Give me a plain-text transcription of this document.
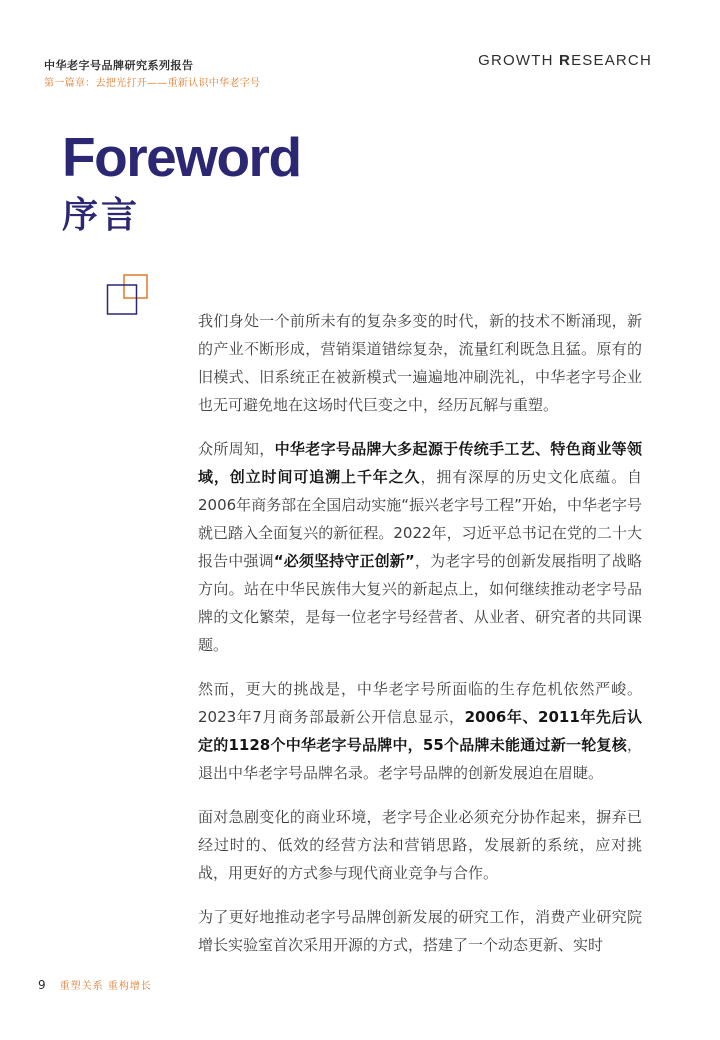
中华老字号品牌研究系列报告
第一篇章：去把光打开——重新认识中华老字号
GROWTH RESEARCH
Foreword
序言

我们身处一个前所未有的复杂多变的时代，新的技术不断涌现，新的产业不断形成，营销渠道错综复杂，流量红利既急且猛。原有的旧模式、旧系统正在被新模式一遍遍地冲刷洗礼，中华老字号企业也无可避免地在这场时代巨变之中，经历瓦解与重塑。

众所周知，中华老字号品牌大多起源于传统手工艺、特色商业等领域，创立时间可追溯上千年之久，拥有深厚的历史文化底蕴。自2006年商务部在全国启动实施“振兴老字号工程”开始，中华老字号就已踏入全面复兴的新征程。2022年，习近平总书记在党的二十大报告中强调“必须坚持守正创新”，为老字号的创新发展指明了战略方向。站在中华民族伟大复兴的新起点上，如何继续推动老字号品牌的文化繁荣，是每一位老字号经营者、从业者、研究者的共同课题。

然而，更大的挑战是，中华老字号所面临的生存危机依然严峻。2023年7月商务部最新公开信息显示，2006年、2011年先后认定的1128个中华老字号品牌中，55个品牌未能通过新一轮复核，退出中华老字号品牌名录。老字号品牌的创新发展迫在眉睫。

面对急剧变化的商业环境，老字号企业必须充分协作起来，摒弃已经过时的、低效的经营方法和营销思路，发展新的系统，应对挑战，用更好的方式参与现代商业竞争与合作。

为了更好地推动老字号品牌创新发展的研究工作，消费产业研究院增长实验室首次采用开源的方式，搭建了一个动态更新、实时

9 重塑关系 重构增长
